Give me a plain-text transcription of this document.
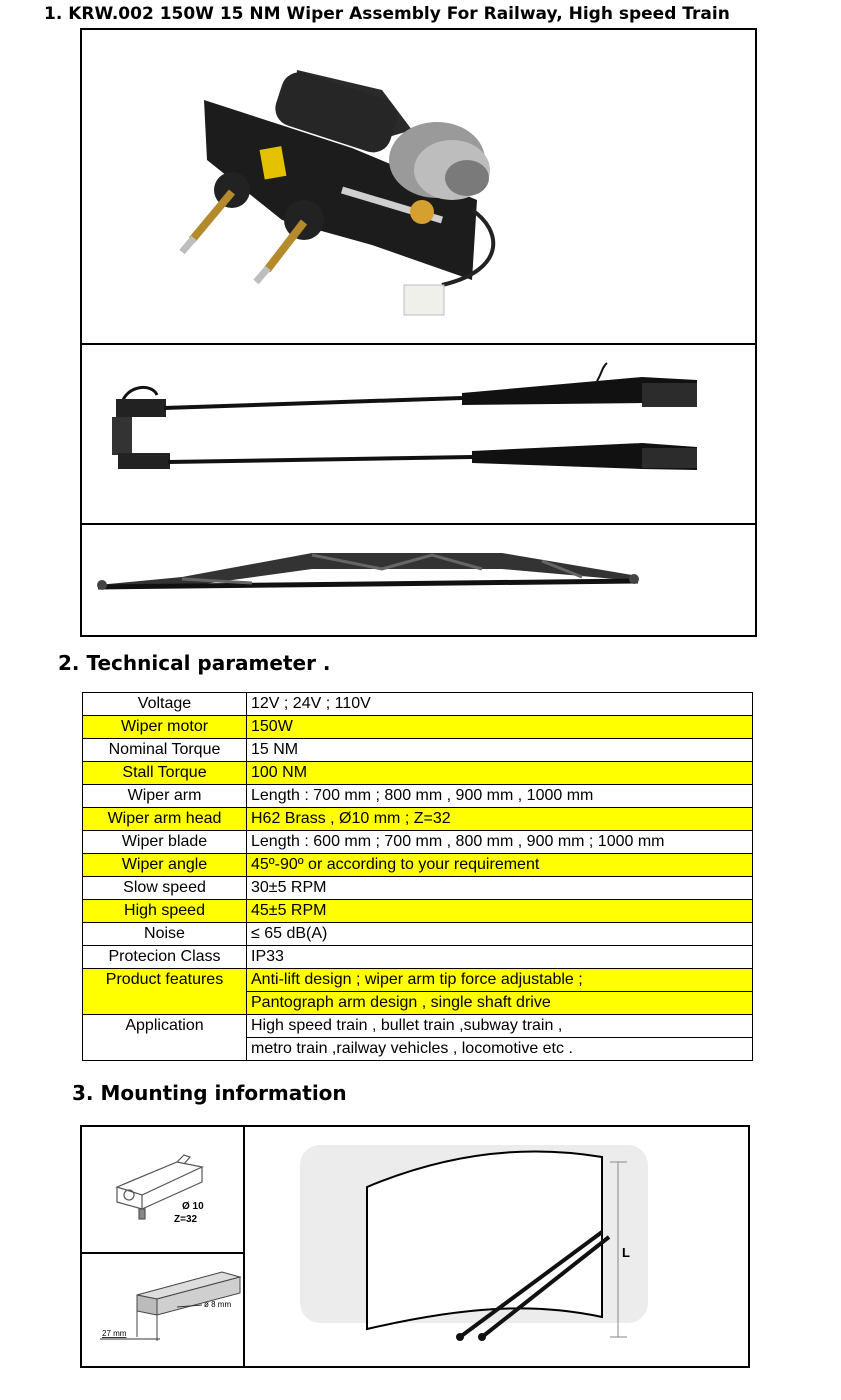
1. KRW.002 150W 15 NM Wiper Assembly For Railway, High speed Train
2. Technical parameter .
Voltage	12V ; 24V ; 110V
Wiper motor	150W
Nominal Torque	15 NM
Stall Torque	100 NM
Wiper arm	Length : 700 mm ; 800 mm , 900 mm , 1000 mm
Wiper arm head	H62 Brass , Ø10 mm ; Z=32
Wiper blade	Length : 600 mm ; 700 mm , 800 mm , 900 mm ; 1000 mm
Wiper angle	45º-90º or according to your requirement
Slow speed	30±5 RPM
High speed	45±5 RPM
Noise	≤ 65 dB(A)
Protecion Class	IP33
Product features	Anti-lift design ; wiper arm tip force adjustable ;
	Pantograph arm design , single shaft drive
Application	High speed train , bullet train ,subway train ,
	metro train ,railway vehicles , locomotive etc .
3. Mounting information
Ø 10
Z=32
ø 8 mm
27 mm
L
